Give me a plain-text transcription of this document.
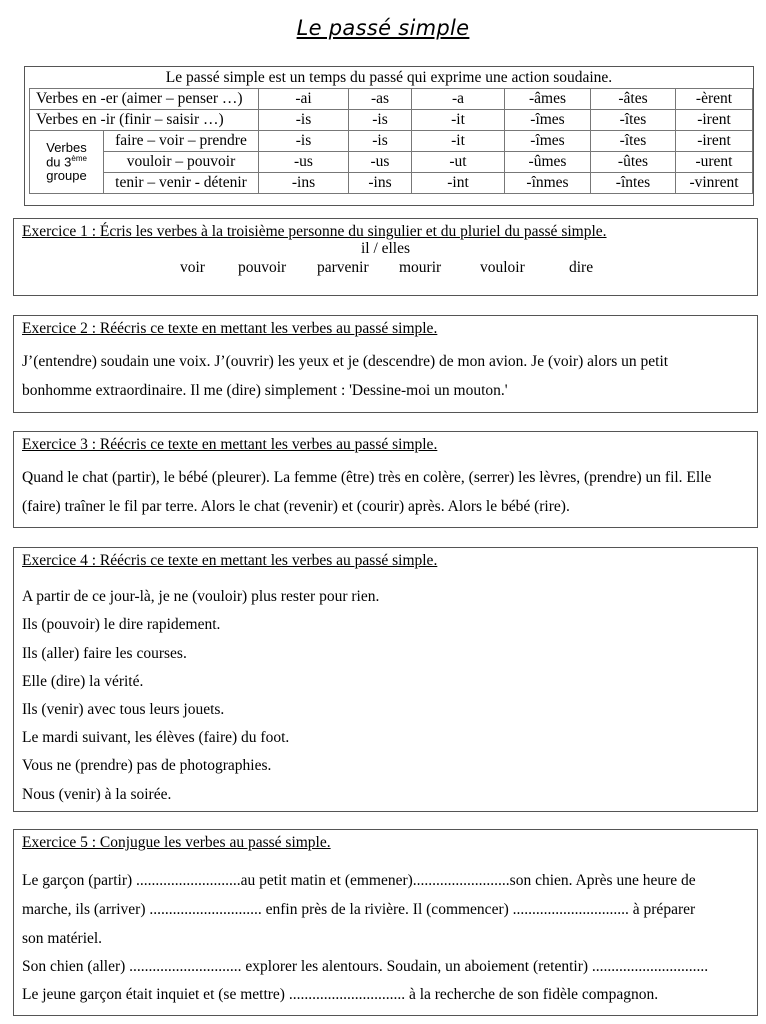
Le passé simple
Le passé simple est un temps du passé qui exprime une action soudaine.
Verbes en -er (aimer – penser …)		-ai	-as	-a	-âmes	-âtes	-èrent
Verbes en -ir (finir – saisir …)		-is	-is	-it	-îmes	-îtes	-irent

Verbes
du 3ème
groupe	faire – voir – prendre	-is	-is	-it	-îmes	-îtes	-irent
	vouloir – pouvoir	-us	-us	-ut	-ûmes	-ûtes	-urent
	tenir – venir - détenir	-ins	-ins	-int	-înmes	-întes	-vinrent
Exercice 1 : Écris les verbes à la troisième personne du singulier et du pluriel du passé simple.
il / elles
voir pouvoir parvenir mourir	vouloir	dire
Exercice 2 : Réécris ce texte en mettant les verbes au passé simple.
J’(entendre) soudain une voix. J’(ouvrir) les yeux et je (descendre) de mon avion. Je (voir) alors un petit
bonhomme extraordinaire. Il me (dire) simplement : 'Dessine-moi un mouton.'
Exercice 3 : Réécris ce texte en mettant les verbes au passé simple.
Quand le chat (partir), le bébé (pleurer). La femme (être) très en colère, (serrer) les lèvres, (prendre) un fil. Elle
(faire) traîner le fil par terre. Alors le chat (revenir) et (courir) après. Alors le bébé (rire).
Exercice 4 : Réécris ce texte en mettant les verbes au passé simple.
A partir de ce jour-là, je ne (vouloir) plus rester pour rien.
Ils (pouvoir) le dire rapidement.
Ils (aller) faire les courses.
Elle (dire) la vérité.
Ils (venir) avec tous leurs jouets.
Le mardi suivant, les élèves (faire) du foot.
Vous ne (prendre) pas de photographies.
Nous (venir) à la soirée.
Exercice 5 : Conjugue les verbes au passé simple.
Le garçon (partir) ...........................au petit matin et (emmener).........................son chien. Après une heure de
marche, ils (arriver) ............................. enfin près de la rivière. Il (commencer) .............................. à préparer
son matériel.
Son chien (aller) ............................. explorer les alentours. Soudain, un aboiement (retentir) ..............................
Le jeune garçon était inquiet et (se mettre) .............................. à la recherche de son fidèle compagnon.
